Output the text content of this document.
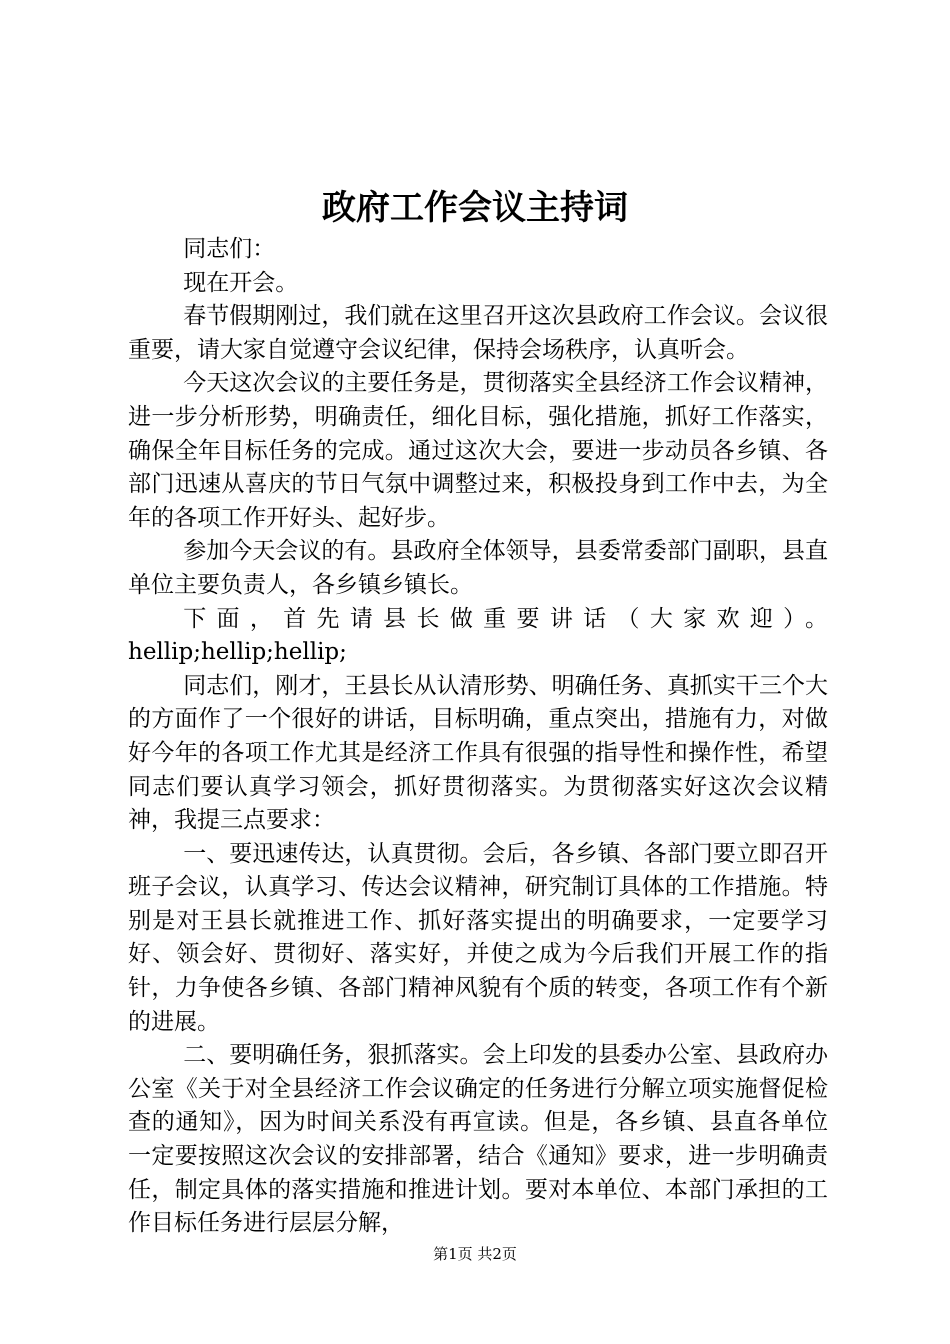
政府工作会议主持词

同志们：

现在开会。

春节假期刚过，我们就在这里召开这次县政府工作会议。会议很重要，请大家自觉遵守会议纪律，保持会场秩序，认真听会。

今天这次会议的主要任务是，贯彻落实全县经济工作会议精神，进一步分析形势，明确责任，细化目标，强化措施，抓好工作落实，确保全年目标任务的完成。通过这次大会，要进一步动员各乡镇、各部门迅速从喜庆的节日气氛中调整过来，积极投身到工作中去，为全年的各项工作开好头、起好步。

参加今天会议的有。县政府全体领导，县委常委部门副职，县直单位主要负责人，各乡镇乡镇长。

下面，首先请县长做重要讲话（大家欢迎）。

hellip;hellip;hellip;

同志们，刚才，王县长从认清形势、明确任务、真抓实干三个大的方面作了一个很好的讲话，目标明确，重点突出，措施有力，对做好今年的各项工作尤其是经济工作具有很强的指导性和操作性，希望同志们要认真学习领会，抓好贯彻落实。为贯彻落实好这次会议精神，我提三点要求：

一、要迅速传达，认真贯彻。会后，各乡镇、各部门要立即召开班子会议，认真学习、传达会议精神，研究制订具体的工作措施。特别是对王县长就推进工作、抓好落实提出的明确要求，一定要学习好、领会好、贯彻好、落实好，并使之成为今后我们开展工作的指针，力争使各乡镇、各部门精神风貌有个质的转变，各项工作有个新的进展。

二、要明确任务，狠抓落实。会上印发的县委办公室、县政府办公室《关于对全县经济工作会议确定的任务进行分解立项实施督促检查的通知》，因为时间关系没有再宣读。但是，各乡镇、县直各单位一定要按照这次会议的安排部署，结合《通知》要求，进一步明确责任，制定具体的落实措施和推进计划。要对本单位、本部门承担的工作目标任务进行层层分解，

第1页 共2页
